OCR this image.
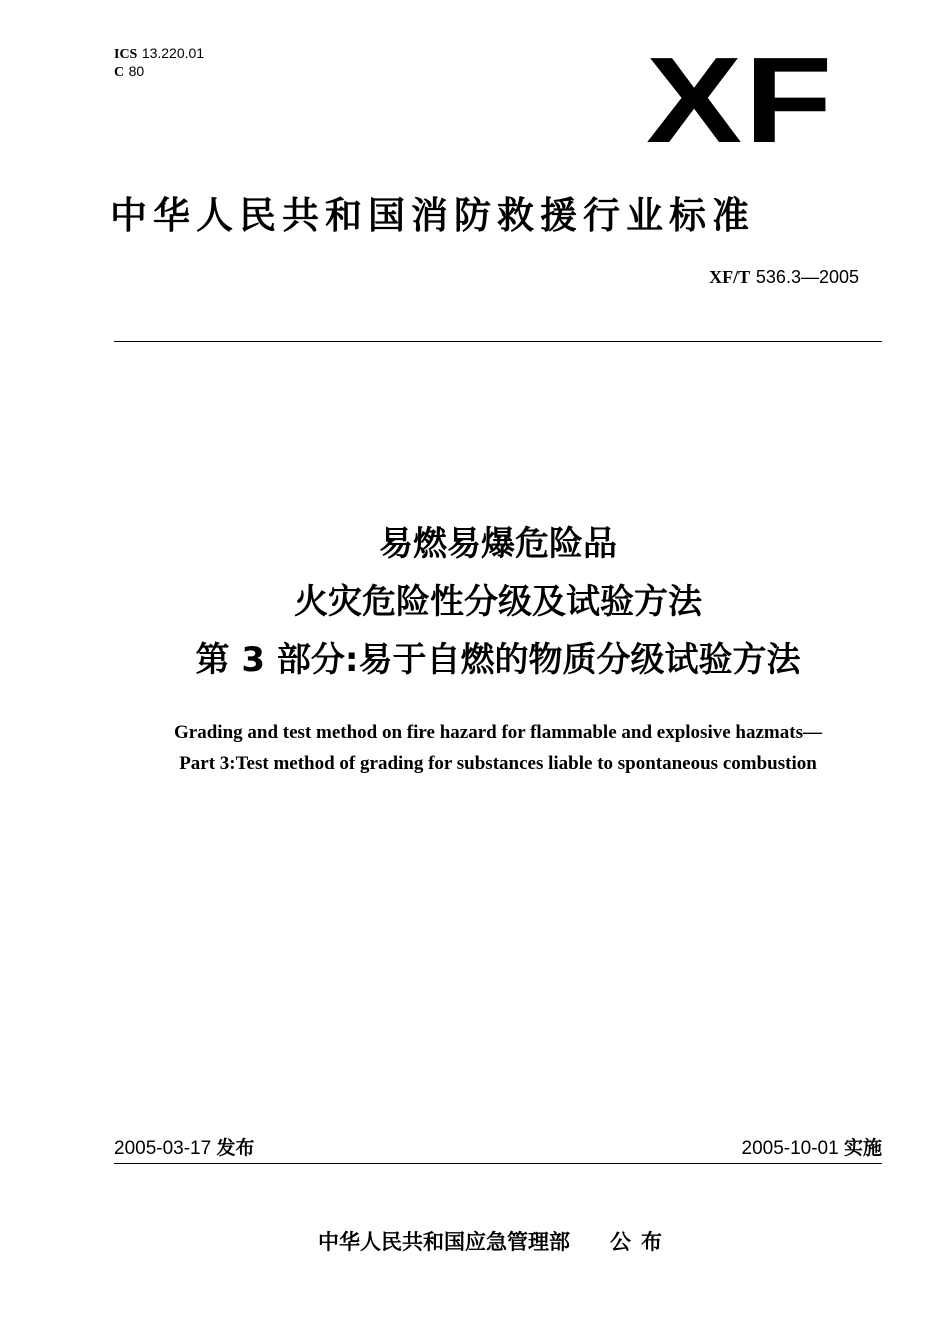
ICS 13.220.01
C 80	XF
中华人民共和国消防救援行业标准
XF/T 536.3—2005
易燃易爆危险品
火灾危险性分级及试验方法
第 3 部分:易于自燃的物质分级试验方法
Grading and test method on fire hazard for flammable and explosive hazmats—
Part 3:Test method of grading for substances liable to spontaneous combustion
2005-03-17 发布	2005-10-01 实施
中华人民共和国应急管理部 公布
